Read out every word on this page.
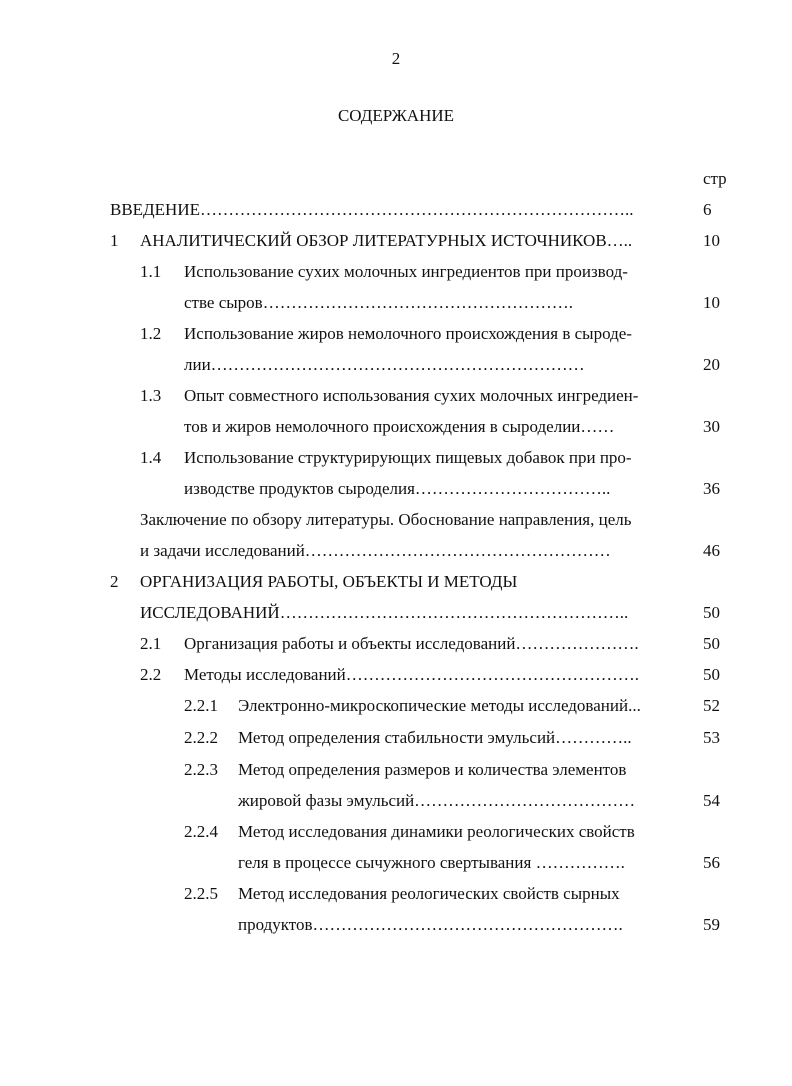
2
СОДЕРЖАНИЕ
стр
ВВЕДЕНИЕ…………………………………………………………………..	6
1 АНАЛИТИЧЕСКИЙ ОБЗОР ЛИТЕРАТУРНЫХ ИСТОЧНИКОВ…..	10
1.1 Использование сухих молочных ингредиентов при производ-
стве сыров……………………………………………….	10
1.2 Использование жиров немолочного происхождения в сыроде-
лии…………………………………………………………	20
1.3 Опыт совместного использования сухих молочных ингредиен-
тов и жиров немолочного происхождения в сыроделии……	30
1.4 Использование структурирующих пищевых добавок при про-
изводстве продуктов сыроделия……………………………..	36
Заключение по обзору литературы. Обоснование направления, цель
и задачи исследований………………………………………………	46
2 ОРГАНИЗАЦИЯ РАБОТЫ, ОБЪЕКТЫ И МЕТОДЫ
ИССЛЕДОВАНИЙ……………………………………………………..	50
2.1 Организация работы и объекты исследований………………….	50
2.2 Методы исследований…………………………………………….	50
2.2.1 Электронно-микроскопические методы исследований...	52
2.2.2 Метод определения стабильности эмульсий…………..	53
2.2.3 Метод определения размеров и количества элементов
жировой фазы эмульсий…………………………………	54
2.2.4 Метод исследования динамики реологических свойств
геля в процессе сычужного свертывания …………….	56
2.2.5 Метод исследования реологических свойств сырных
продуктов……………………………………………….	59
